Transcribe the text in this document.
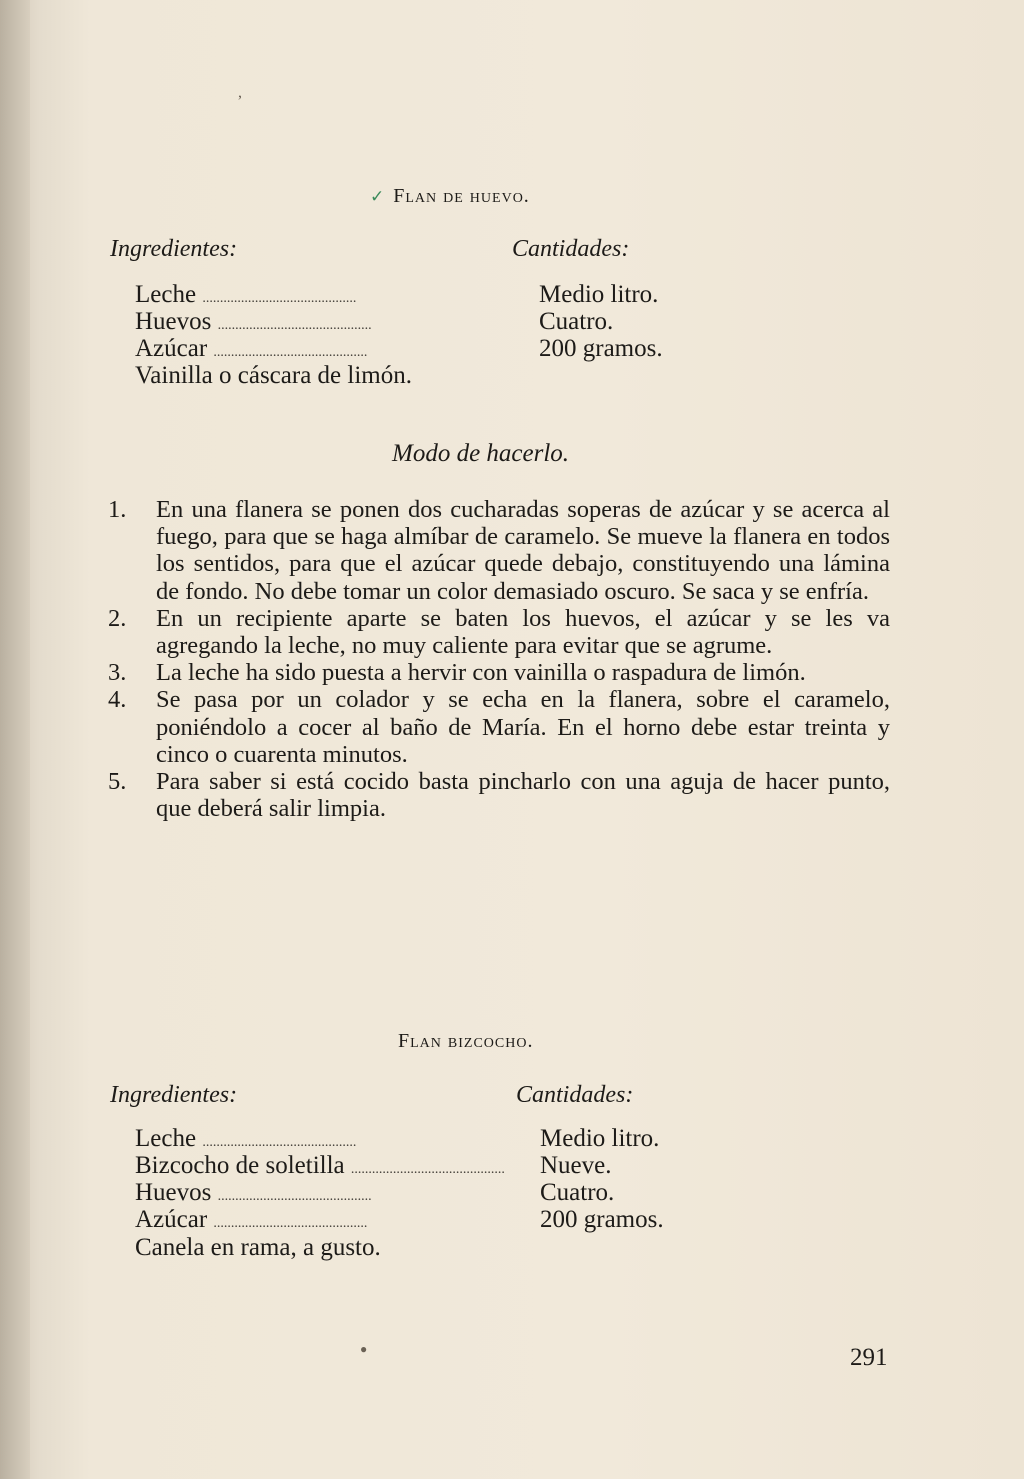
✓ Flan de huevo.
Ingredientes:	Cantidades:
Leche ............................................	Medio litro.
Huevos ............................................	Cuatro.
Azúcar ............................................	200 gramos.
Vainilla o cáscara de limón.
Modo de hacerlo.
1.	En una flanera se ponen dos cucharadas soperas de azúcar y se acerca al fuego, para que se haga almíbar de caramelo. Se mueve la flanera en todos los sentidos, para que el azúcar quede debajo, constituyendo una lámina de fondo. No debe tomar un color demasiado oscuro. Se saca y se enfría.
2.	En un recipiente aparte se baten los huevos, el azúcar y se les va agregando la leche, no muy caliente para evitar que se agrume.
3.	La leche ha sido puesta a hervir con vainilla o raspadura de limón.
4.	Se pasa por un colador y se echa en la flanera, sobre el caramelo, poniéndolo a cocer al baño de María. En el horno debe estar treinta y cinco o cuarenta minutos.
5.	Para saber si está cocido basta pincharlo con una aguja de hacer punto, que deberá salir limpia.
Flan bizcocho.
Ingredientes:	Cantidades:
Leche ............................................	Medio litro.
Bizcocho de soletilla ............................................ Nueve.
Huevos ............................................	Cuatro.
Azúcar ............................................	200 gramos.
Canela en rama, a gusto.
291
,
●
